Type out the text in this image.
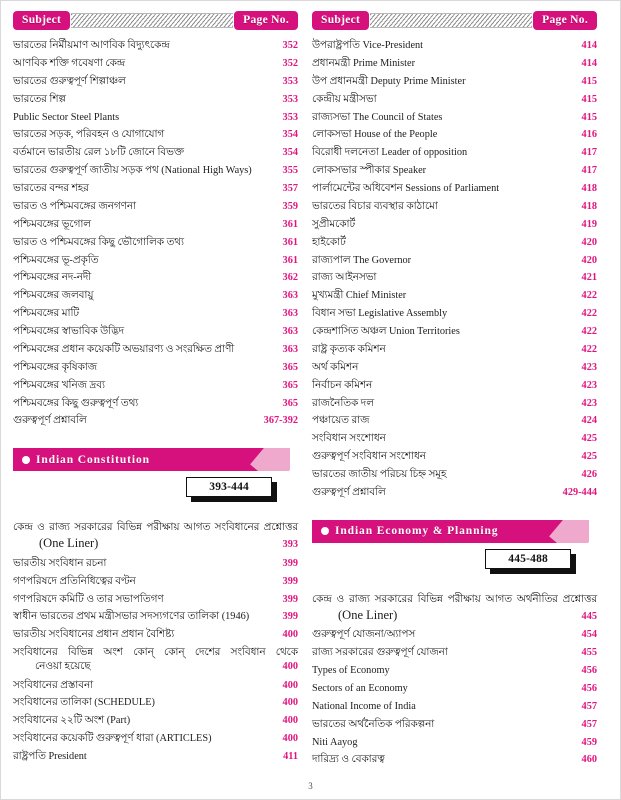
Subject	Page No.
ভারতের নির্মীয়মাণ আণবিক বিদ্যুৎকেন্দ্র	352
আণবিক শক্তি গবেষণা কেন্দ্র	352
ভারতের গুরুত্বপূর্ণ শিল্পাঞ্চল	353
ভারতের শিল্প	353
Public Sector Steel Plants	353
ভারতের সড়ক, পরিবহন ও যোগাযোগ	354
বর্তমানে ভারতীয় রেল ১৮টি জোনে বিভক্ত	354
ভারতের গুরুত্বপূর্ণ জাতীয় সড়ক পথ (National High Ways)	355
ভারতের বন্দর শহর	357
ভারত ও পশ্চিমবঙ্গের জনগণনা	359
পশ্চিমবঙ্গের ভূগোল	361
ভারত ও পশ্চিমবঙ্গের কিছু ভৌগোলিক তথ্য	361
পশ্চিমবঙ্গের ভূ-প্রকৃতি	361
পশ্চিমবঙ্গের নদ-নদী	362
পশ্চিমবঙ্গের জলবায়ু	363
পশ্চিমবঙ্গের মাটি	363
পশ্চিমবঙ্গের স্বাভাবিক উদ্ভিদ	363
পশ্চিমবঙ্গের প্রধান কয়েকটি অভয়ারণ্য ও সংরক্ষিত প্রাণী	363
পশ্চিমবঙ্গের কৃষিকাজ	365
পশ্চিমবঙ্গের খনিজ দ্রব্য	365
পশ্চিমবঙ্গের কিছু গুরুত্বপূর্ণ তথ্য	365
গুরুত্বপূর্ণ প্রশ্নাবলি	367-392
Indian Constitution
393-444
কেন্দ্র ও রাজ্য সরকারের বিভিন্ন পরীক্ষায় আগত সংবিধানের প্রশ্নোত্তর
(One Liner)	393
ভারতীয় সংবিধান রচনা	399
গণপরিষদে প্রতিনিধিত্বের বণ্টন	399
গণপরিষদে কমিটি ও তার সভাপতিগণ	399
স্বাধীন ভারতের প্রথম মন্ত্রীসভার সদস্যগণের তালিকা (1946)	399
ভারতীয় সংবিধানের প্রধান প্রধান বৈশিষ্ট্য	400
সংবিধানের বিভিন্ন অংশ কোন্‌ কোন্‌ দেশের সংবিধান থেকে
নেওয়া হয়েছে	400
সংবিধানের প্রস্তাবনা	400
সংবিধানের তালিকা (SCHEDULE)	400
সংবিধানের ২২টি অংশ (Part)	400
সংবিধানের কয়েকটি গুরুত্বপূর্ণ ধারা (ARTICLES)	400
রাষ্ট্রপতি President	411
Subject	Page No.
উপরাষ্ট্রপতি Vice-President	414
প্রধানমন্ত্রী Prime Minister	414
উপ প্রধানমন্ত্রী Deputy Prime Minister	415
কেন্দ্রীয় মন্ত্রীসভা	415
রাজ্যসভা The Council of States	415
লোকসভা House of the People	416
বিরোধী দলনেতা Leader of opposition	417
লোকসভার স্পীকার Speaker	417
পার্লামেন্টের অধিবেশন Sessions of Parliament	418
ভারতের বিচার ব্যবস্থার কাঠামো	418
সুপ্রীমকোর্ট	419
হাইকোর্ট	420
রাজ্যপাল The Governor	420
রাজ্য আইনসভা	421
মুখ্যমন্ত্রী Chief Minister	422
বিধান সভা Legislative Assembly	422
কেন্দ্রশাসিত অঞ্চল Union Territories	422
রাষ্ট্র কৃত্যক কমিশন	422
অর্থ কমিশন	423
নির্বাচন কমিশন	423
রাজনৈতিক দল	423
পঞ্চায়েত রাজ	424
সংবিধান সংশোধন	425
গুরুত্বপূর্ণ সংবিধান সংশোধন	425
ভারতের জাতীয় পরিচয় চিহ্ন সমূহ	426
গুরুত্বপূর্ণ প্রশ্নাবলি	429-444
Indian Economy & Planning
445-488
কেন্দ্র ও রাজ্য সরকারের বিভিন্ন পরীক্ষায় আগত অর্থনীতির প্রশ্নোত্তর
(One Liner)	445
গুরুত্বপূর্ণ যোজনা/অ্যাপস	454
রাজ্য সরকারের গুরুত্বপূর্ণ যোজনা	455
Types of Economy	456
Sectors of an Economy	456
National Income of India	457
ভারতের অর্থনৈতিক পরিকল্পনা	457
Niti Aayog	459
দারিদ্র্য ও বেকারত্ব	460
3
